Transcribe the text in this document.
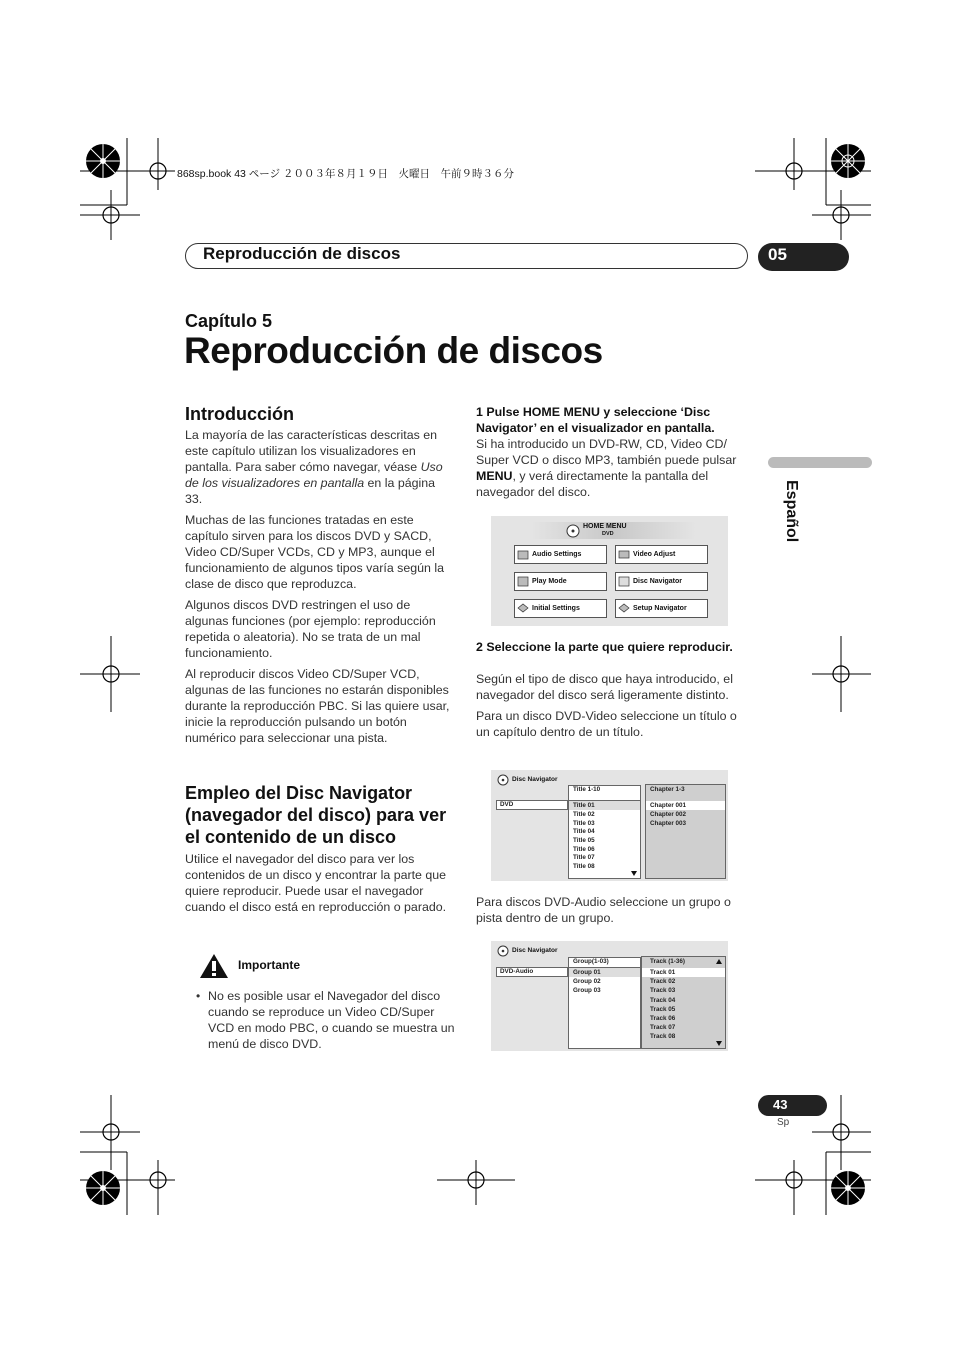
868sp.book 43 ページ ２００３年８月１９日　火曜日　午前９時３６分
Reproducción de discos	05
Capítulo 5
Reproducción de discos
Español
Introducción

La mayoría de las características descritas en este capítulo utilizan los visualizadores en pantalla. Para saber cómo navegar, véase Uso de los visualizadores en pantalla en la página 33.

Muchas de las funciones tratadas en este capítulo sirven para los discos DVD y SACD, Video CD/Super VCDs, CD y MP3, aunque el funcionamiento de algunos tipos varía según la clase de disco que reproduzca.

Algunos discos DVD restringen el uso de algunas funciones (por ejemplo: reproducción repetida o aleatoria). No se trata de un mal funcionamiento.

Al reproducir discos Video CD/Super VCD, algunas de las funciones no estarán disponibles durante la reproducción PBC. Si las quiere usar, inicie la reproducción pulsando un botón numérico para seleccionar una pista.

Empleo del Disc Navigator (navegador del disco) para ver el contenido de un disco
Utilice el navegador del disco para ver los contenidos de un disco y encontrar la parte que quiere reproducir. Puede usar el navegador cuando el disco está en reproducción o parado.
Importante
• No es posible usar el Navegador del disco cuando se reproduce un Video CD/Super VCD en modo PBC, o cuando se muestra un menú de disco DVD.
1 Pulse HOME MENU y seleccione ‘Disc Navigator’ en el visualizador en pantalla.
Si ha introducido un DVD-RW, CD, Video CD/ Super VCD o disco MP3, también puede pulsar MENU, y verá directamente la pantalla del navegador del disco.
HOME MENU
DVD
Audio Settings	Video Adjust
Play Mode	Disc Navigator
Initial Settings	Setup Navigator
2 Seleccione la parte que quiere reproducir.

Según el tipo de disco que haya introducido, el navegador del disco será ligeramente distinto.

Para un disco DVD-Video seleccione un título o un capítulo dentro de un título.

Disc Navigator
DVD
Title 1-10
Title 01
Title 02
Title 03
Title 04
Title 05
Title 06
Title 07
Title 08
Chapter 1-3
Chapter 001
Chapter 002
Chapter 003
Para discos DVD-Audio seleccione un grupo o pista dentro de un grupo.
Disc Navigator
DVD-Audio
Group(1-03)
Group 01
Group 02
Group 03
Track (1-36)
Track 01
Track 02
Track 03
Track 04
Track 05
Track 06
Track 07
Track 08
43
Sp
